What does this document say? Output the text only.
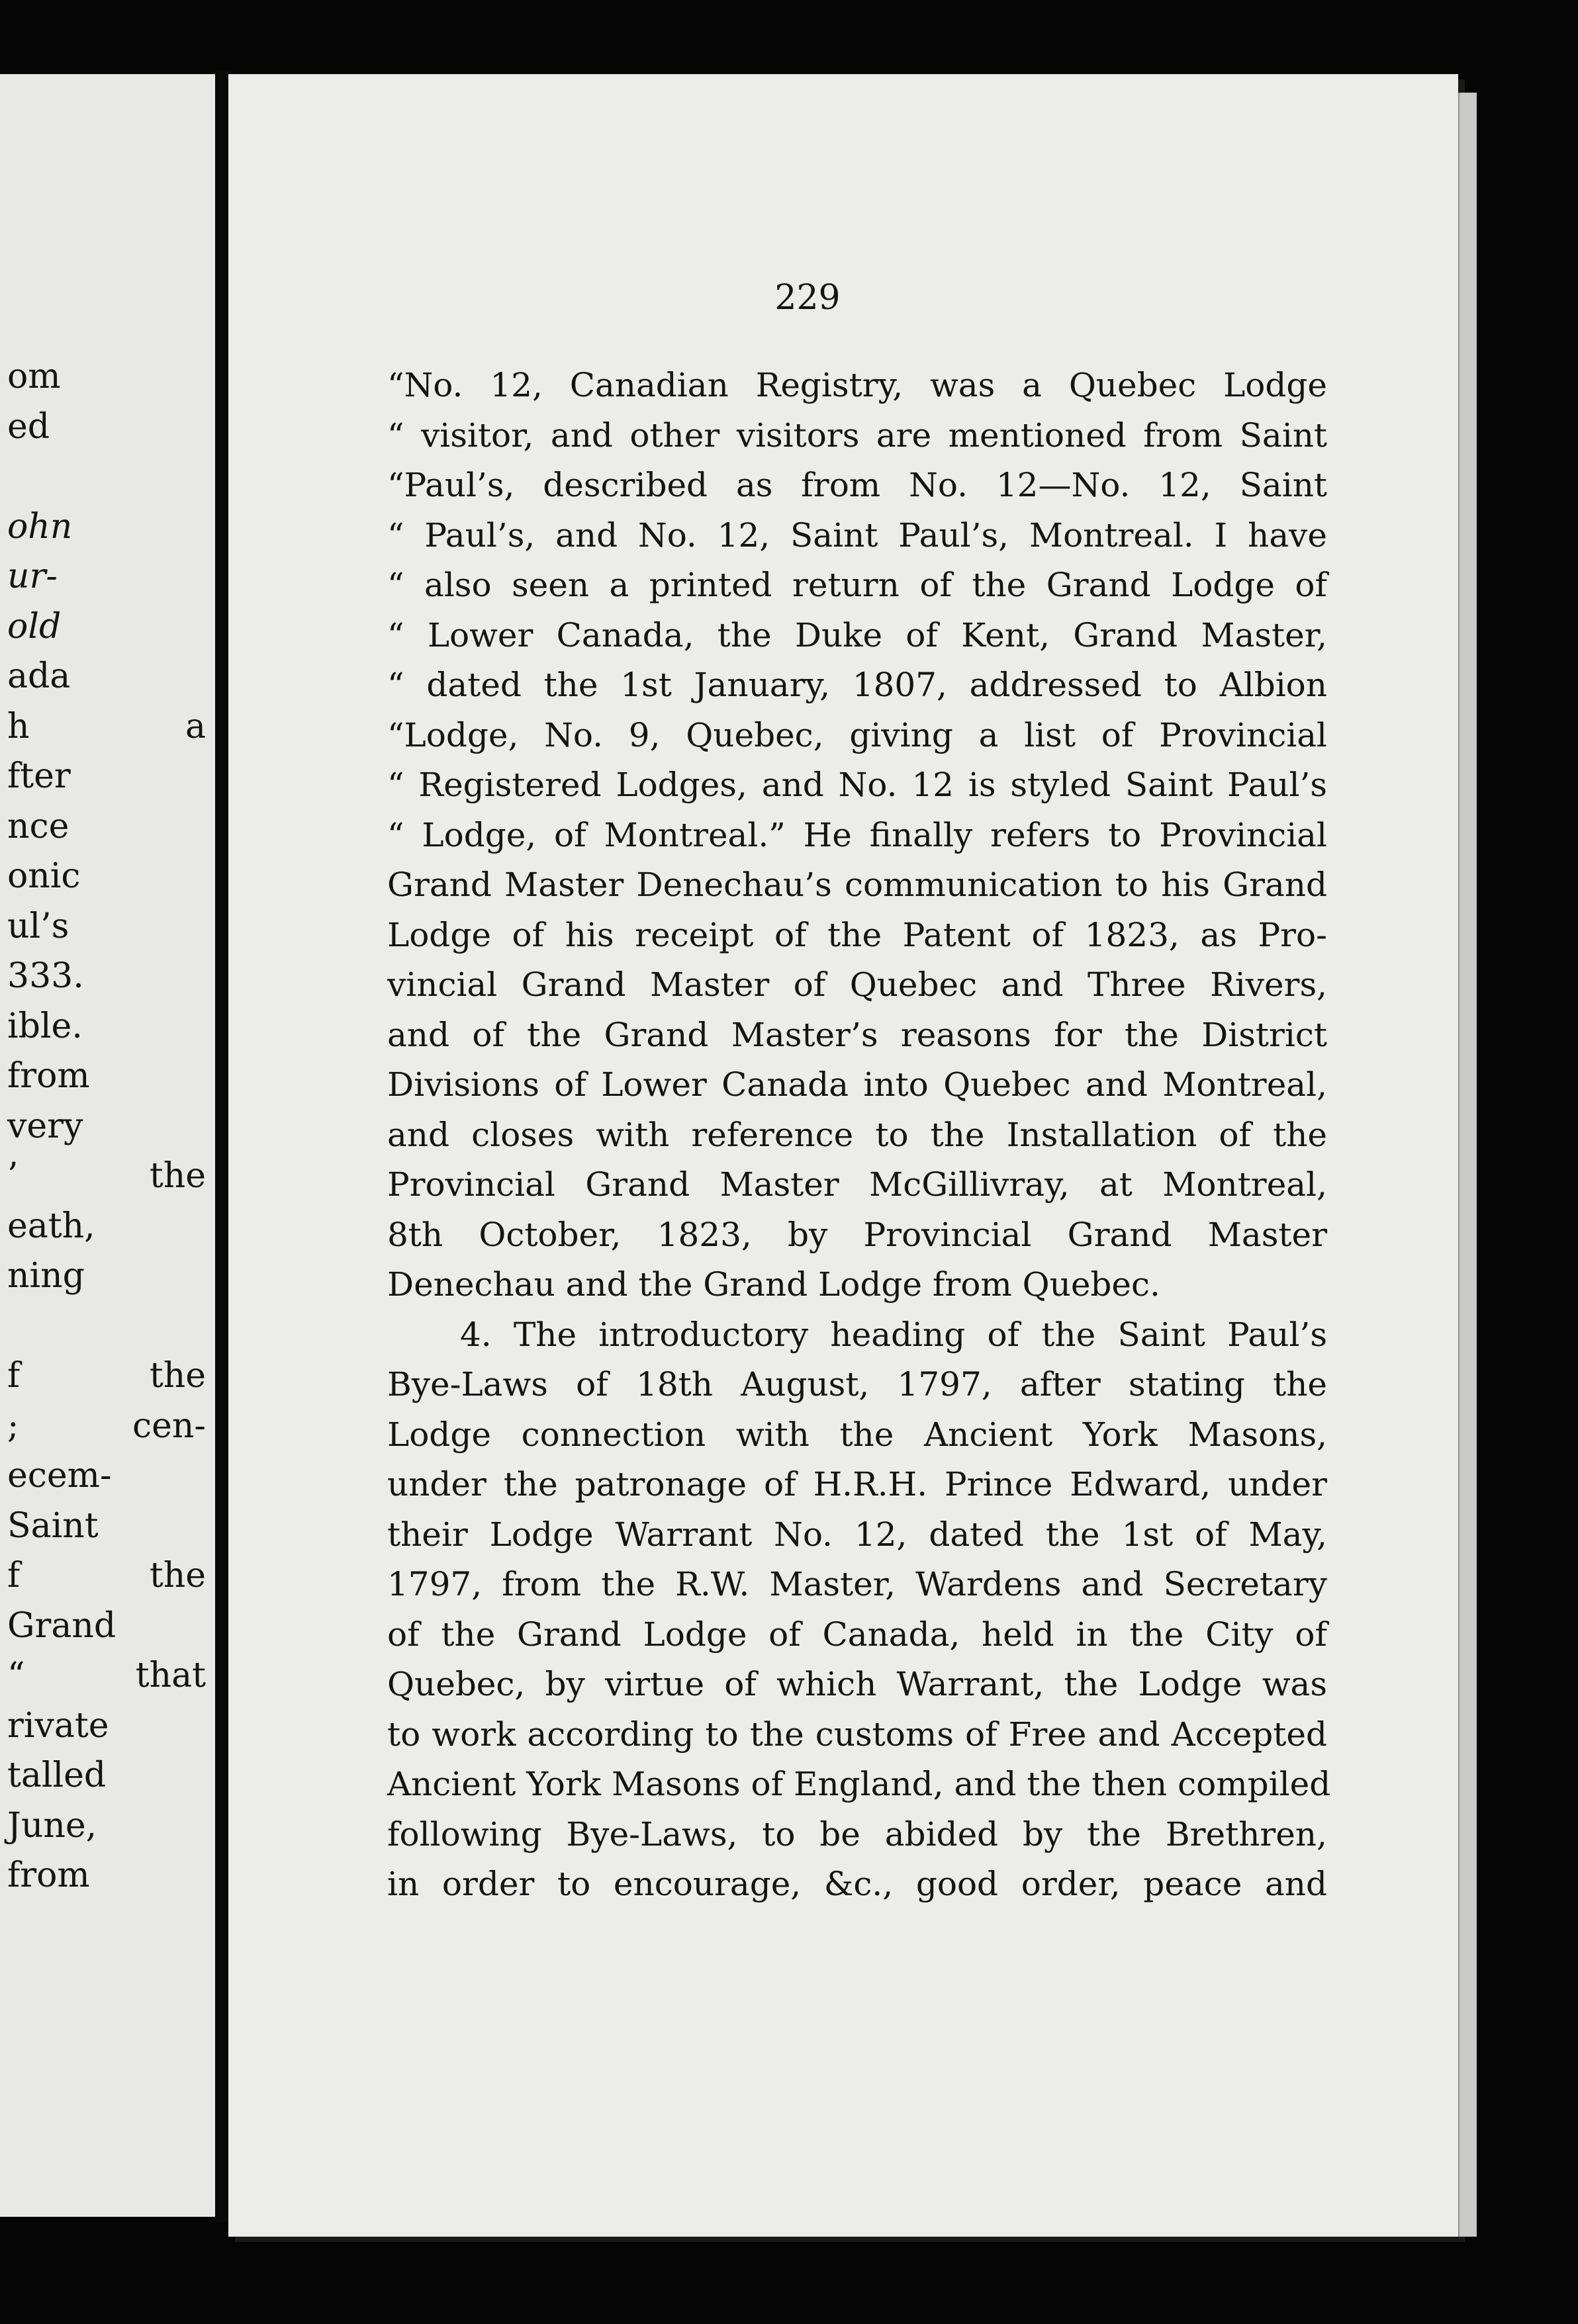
om
ed

ohn
ur-
old
ada
h a
fter
nce
onic
ul’s
333.
ible.
from
very
’ the
eath,
ning

f the
; cen-
ecem-
Saint
f the
Grand
“ that
rivate
talled
June,
from
229
“No. 12, Canadian Registry, was a Quebec Lodge
“ visitor, and other visitors are mentioned from Saint
“Paul’s, described as from No. 12—No. 12, Saint
“ Paul’s, and No. 12, Saint Paul’s, Montreal. I have
“ also seen a printed return of the Grand Lodge of
“ Lower Canada, the Duke of Kent, Grand Master,
“ dated the 1st January, 1807, addressed to Albion
“Lodge, No. 9, Quebec, giving a list of Provincial
“ Registered Lodges, and No. 12 is styled Saint Paul’s
“ Lodge, of Montreal.” He finally refers to Provincial
Grand Master Denechau’s communication to his Grand
Lodge of his receipt of the Patent of 1823, as Pro-
vincial Grand Master of Quebec and Three Rivers,
and of the Grand Master’s reasons for the District
Divisions of Lower Canada into Quebec and Montreal,
and closes with reference to the Installation of the
Provincial Grand Master McGillivray, at Montreal,
8th October, 1823, by Provincial Grand Master
Denechau and the Grand Lodge from Quebec.
4. The introductory heading of the Saint Paul’s
Bye-Laws of 18th August, 1797, after stating the
Lodge connection with the Ancient York Masons,
under the patronage of H.R.H. Prince Edward, under
their Lodge Warrant No. 12, dated the 1st of May,
1797, from the R.W. Master, Wardens and Secretary
of the Grand Lodge of Canada, held in the City of
Quebec, by virtue of which Warrant, the Lodge was
to work according to the customs of Free and Accepted
Ancient York Masons of England, and the then compiled
following Bye-Laws, to be abided by the Brethren,
in order to encourage, &c., good order, peace and
